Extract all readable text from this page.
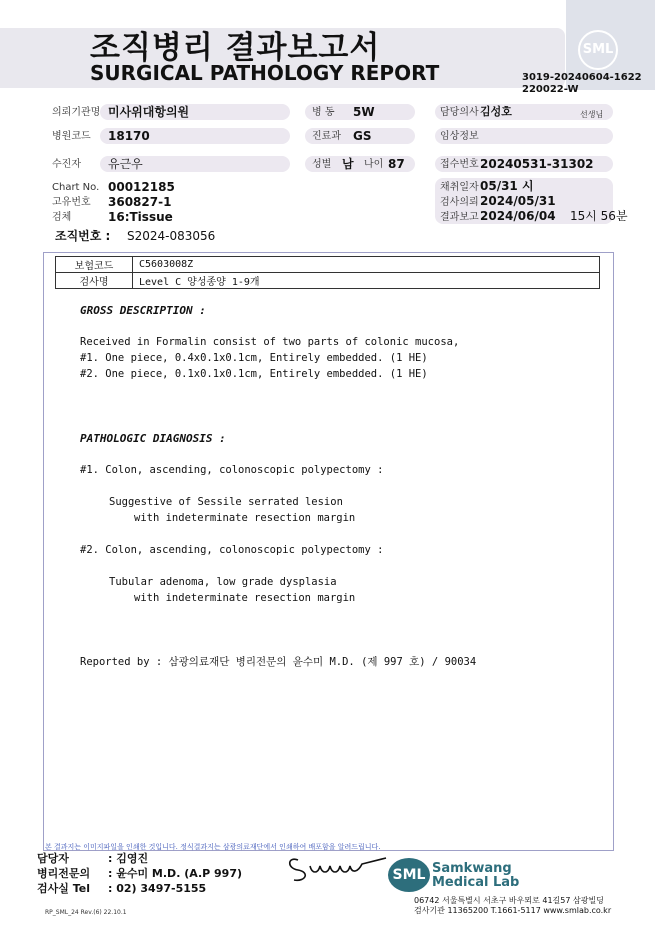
SML
조직병리 결과보고서
SURGICAL PATHOLOGY REPORT	3019-20240604-1622
220022-W
의뢰기관명 미사위대항의원
병원코드 18170
수진자 유근우
Chart No. 00012185
고유번호 360827-1
검체	16:Tissue
조직번호 : S2024-083056
병 동 5W
진료과 GS
성별 남 나이 87
담당의사 김성호	선생님
임상정보
접수번호 20240531-31302
채취일자 05/31 시
검사의뢰 2024/05/31
결과보고 2024/06/04 15시 56분
보험코드	C5603008Z
검사명	Level C 양성종양 1-9개
GROSS DESCRIPTION :
Received in Formalin consist of two parts of colonic mucosa,
#1. One piece, 0.4x0.1x0.1cm, Entirely embedded. (1 HE)
#2. One piece, 0.1x0.1x0.1cm, Entirely embedded. (1 HE)
PATHOLOGIC DIAGNOSIS :
#1. Colon, ascending, colonoscopic polypectomy :
Suggestive of Sessile serrated lesion
with indeterminate resection margin
#2. Colon, ascending, colonoscopic polypectomy :
Tubular adenoma, low grade dysplasia
with indeterminate resection margin
Reported by : 삼광의료재단 병리전문의 윤수미 M.D. (제 997 호) / 90034
본 결과지는 이미지파일을 인쇄한 것입니다. 정식결과지는 삼광의료재단에서 인쇄하여 배포함을 알려드립니다.
담당자	: 김영진
병리전문의 : 윤수미 M.D. (A.P 997)
검사실 Tel : 02) 3497-5155
SML Samkwang
Medical Lab
06742 서울특별시 서초구 바우뫼로 41길57 삼광빌딩
검사기관 11365200 T.1661-5117 www.smlab.co.kr
RP_SML_24 Rev.(6) 22.10.1
